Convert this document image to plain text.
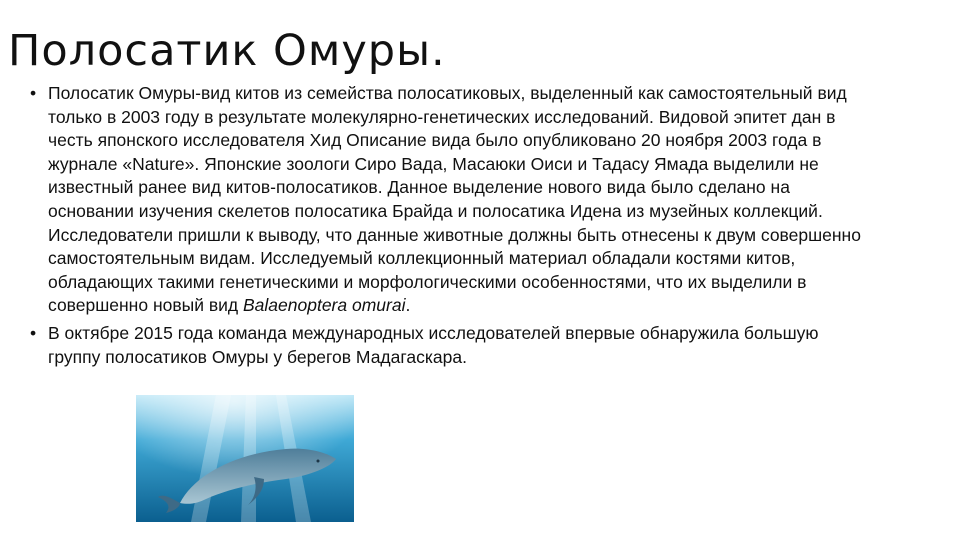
Полосатик Омуры.
• Полосатик Омуры-вид китов из семейства полосатиковых, выделенный как самостоятельный вид только в 2003 году в результате молекулярно-генетических исследований. Видовой эпитет дан в честь японского исследователя Хид Описание вида было опубликовано 20 ноября 2003 года в журнале «Nature». Японские зоологи Сиро Вада, Масаюки Оиси и Тадасу Ямада выделили не известный ранее вид китов-полосатиков. Данное выделение нового вида было сделано на основании изучения скелетов полосатика Брайда и полосатика Идена из музейных коллекций. Исследователи пришли к выводу, что данные животные должны быть отнесены к двум совершенно самостоятельным видам. Исследуемый коллекционный материал обладали костями китов, обладающих такими генетическими и морфологическими особенностями, что их выделили в совершенно новый вид Balaenoptera omurai.
• В октябре 2015 года команда международных исследователей впервые обнаружила большую группу полосатиков Омуры у берегов Мадагаскара.
